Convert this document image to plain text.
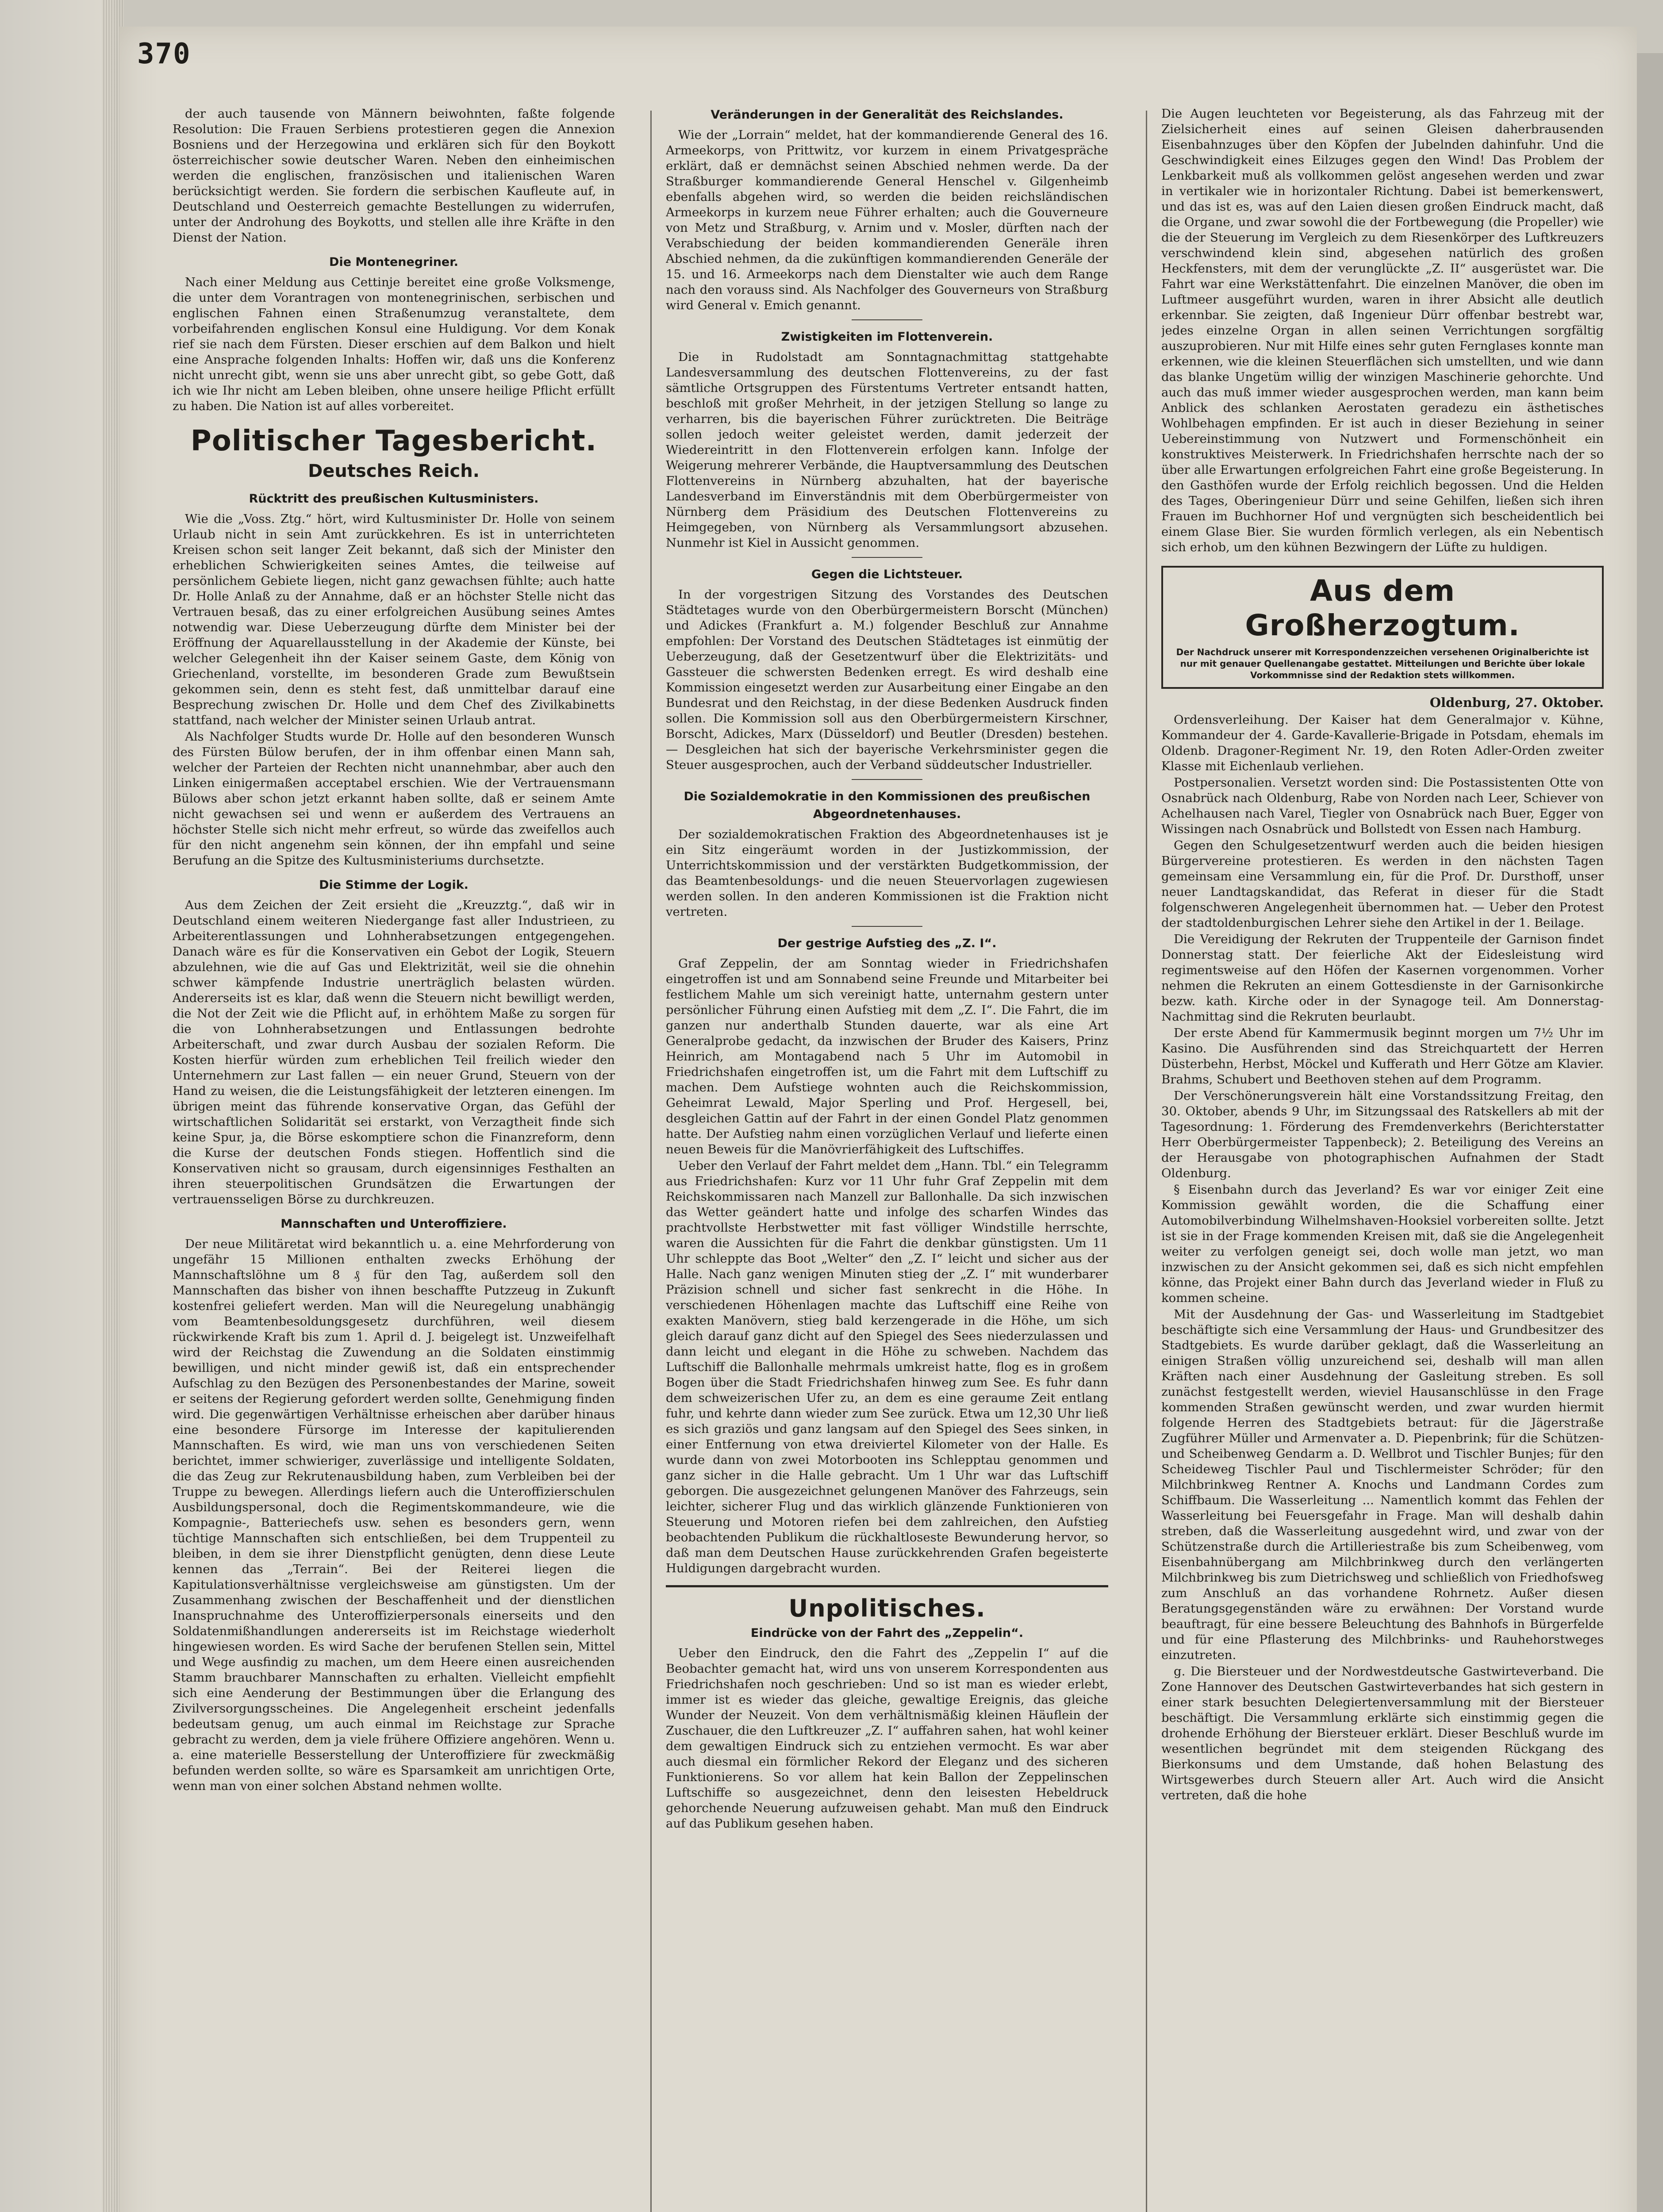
370

der auch tausende von Männern beiwohnten, faßte folgende Resolution: Die Frauen Serbiens protestieren gegen die Annexion Bosniens und der Herzegowina und erklären sich für den Boykott österreichischer sowie deutscher Waren. Neben den einheimischen werden die englischen, französischen und italienischen Waren berücksichtigt werden. Sie fordern die serbischen Kaufleute auf, in Deutschland und Oesterreich gemachte Bestellungen zu widerrufen, unter der Androhung des Boykotts, und stellen alle ihre Kräfte in den Dienst der Nation.

Die Montenegriner.

Nach einer Meldung aus Cettinje bereitet eine große Volksmenge, die unter dem Vorantragen von montenegrinischen, serbischen und englischen Fahnen einen Straßenumzug veranstaltete, dem vorbeifahrenden englischen Konsul eine Huldigung. Vor dem Konak rief sie nach dem Fürsten. Dieser erschien auf dem Balkon und hielt eine Ansprache folgenden Inhalts: Hoffen wir, daß uns die Konferenz nicht unrecht gibt, wenn sie uns aber unrecht gibt, so gebe Gott, daß ich wie Ihr nicht am Leben bleiben, ohne unsere heilige Pflicht erfüllt zu haben. Die Nation ist auf alles vorbereitet.

Politischer Tagesbericht.
Deutsches Reich.
Rücktritt des preußischen Kultusministers.

Wie die „Voss. Ztg.“ hört, wird Kultusminister Dr. Holle von seinem Urlaub nicht in sein Amt zurückkehren. Es ist in unterrichteten Kreisen schon seit langer Zeit bekannt, daß sich der Minister den erheblichen Schwierigkeiten seines Amtes, die teilweise auf persönlichem Gebiete liegen, nicht ganz gewachsen fühlte; auch hatte Dr. Holle Anlaß zu der Annahme, daß er an höchster Stelle nicht das Vertrauen besaß, das zu einer erfolgreichen Ausübung seines Amtes notwendig war. Diese Ueberzeugung dürfte dem Minister bei der Eröffnung der Aquarellausstellung in der Akademie der Künste, bei welcher Gelegenheit ihn der Kaiser seinem Gaste, dem König von Griechenland, vorstellte, im besonderen Grade zum Bewußtsein gekommen sein, denn es steht fest, daß unmittelbar darauf eine Besprechung zwischen Dr. Holle und dem Chef des Zivilkabinetts stattfand, nach welcher der Minister seinen Urlaub antrat.

Als Nachfolger Studts wurde Dr. Holle auf den besonderen Wunsch des Fürsten Bülow berufen, der in ihm offenbar einen Mann sah, welcher der Parteien der Rechten nicht unannehmbar, aber auch den Linken einigermaßen acceptabel erschien. Wie der Vertrauensmann Bülows aber schon jetzt erkannt haben sollte, daß er seinem Amte nicht gewachsen sei und wenn er außerdem des Vertrauens an höchster Stelle sich nicht mehr erfreut, so würde das zweifellos auch für den nicht angenehm sein können, der ihn empfahl und seine Berufung an die Spitze des Kultusministeriums durchsetzte.

Die Stimme der Logik.

Aus dem Zeichen der Zeit ersieht die „Kreuzztg.“, daß wir in Deutschland einem weiteren Niedergange fast aller Industrieen, zu Arbeiterentlassungen und Lohnherabsetzungen entgegengehen. Danach wäre es für die Konservativen ein Gebot der Logik, Steuern abzulehnen, wie die auf Gas und Elektrizität, weil sie die ohnehin schwer kämpfende Industrie unerträglich belasten würden. Andererseits ist es klar, daß wenn die Steuern nicht bewilligt werden, die Not der Zeit wie die Pflicht auf, in erhöhtem Maße zu sorgen für die von Lohnherabsetzungen und Entlassungen bedrohte Arbeiterschaft, und zwar durch Ausbau der sozialen Reform. Die Kosten hierfür würden zum erheblichen Teil freilich wieder den Unternehmern zur Last fallen — ein neuer Grund, Steuern von der Hand zu weisen, die die Leistungsfähigkeit der letzteren einengen. Im übrigen meint das führende konservative Organ, das Gefühl der wirtschaftlichen Solidarität sei erstarkt, von Verzagtheit finde sich keine Spur, ja, die Börse eskomptiere schon die Finanzreform, denn die Kurse der deutschen Fonds stiegen. Hoffentlich sind die Konservativen nicht so grausam, durch eigensinniges Festhalten an ihren steuerpolitischen Grundsätzen die Erwartungen der vertrauensseligen Börse zu durchkreuzen.

Mannschaften und Unteroffiziere.

Der neue Militäretat wird bekanntlich u. a. eine Mehrforderung von ungefähr 15 Millionen enthalten zwecks Erhöhung der Mannschaftslöhne um 8 ₰ für den Tag, außerdem soll den Mannschaften das bisher von ihnen beschaffte Putzzeug in Zukunft kostenfrei geliefert werden. Man will die Neuregelung unabhängig vom Beamtenbesoldungsgesetz durchführen, weil diesem rückwirkende Kraft bis zum 1. April d. J. beigelegt ist. Unzweifelhaft wird der Reichstag die Zuwendung an die Soldaten einstimmig bewilligen, und nicht minder gewiß ist, daß ein entsprechender Aufschlag zu den Bezügen des Personenbestandes der Marine, soweit er seitens der Regierung gefordert werden sollte, Genehmigung finden wird. Die gegenwärtigen Verhältnisse erheischen aber darüber hinaus eine besondere Fürsorge im Interesse der kapitulierenden Mannschaften. Es wird, wie man uns von verschiedenen Seiten berichtet, immer schwieriger, zuverlässige und intelligente Soldaten, die das Zeug zur Rekrutenausbildung haben, zum Verbleiben bei der Truppe zu bewegen. Allerdings liefern auch die Unteroffizierschulen Ausbildungspersonal, doch die Regimentskommandeure, wie die Kompagnie-, Batteriechefs usw. sehen es besonders gern, wenn tüchtige Mannschaften sich entschließen, bei dem Truppenteil zu bleiben, in dem sie ihrer Dienstpflicht genügten, denn diese Leute kennen das „Terrain“. Bei der Reiterei liegen die Kapitulationsverhältnisse vergleichsweise am günstigsten. Um der Zusammenhang zwischen der Beschaffenheit und der dienstlichen Inanspruchnahme des Unteroffizierpersonals einerseits und den Soldatenmißhandlungen andererseits ist im Reichstage wiederholt hingewiesen worden. Es wird Sache der berufenen Stellen sein, Mittel und Wege ausfindig zu machen, um dem Heere einen ausreichenden Stamm brauchbarer Mannschaften zu erhalten. Vielleicht empfiehlt sich eine Aenderung der Bestimmungen über die Erlangung des Zivilversorgungsscheines. Die Angelegenheit erscheint jedenfalls bedeutsam genug, um auch einmal im Reichstage zur Sprache gebracht zu werden, dem ja viele frühere Offiziere angehören. Wenn u. a. eine materielle Besserstellung der Unteroffiziere für zweckmäßig befunden werden sollte, so wäre es Sparsamkeit am unrichtigen Orte, wenn man von einer solchen Abstand nehmen wollte.

Veränderungen in der Generalität des Reichslandes.

Wie der „Lorrain“ meldet, hat der kommandierende General des 16. Armeekorps, von Prittwitz, vor kurzem in einem Privatgespräche erklärt, daß er demnächst seinen Abschied nehmen werde. Da der Straßburger kommandierende General Henschel v. Gilgenheimb ebenfalls abgehen wird, so werden die beiden reichsländischen Armeekorps in kurzem neue Führer erhalten; auch die Gouverneure von Metz und Straßburg, v. Arnim und v. Mosler, dürften nach der Verabschiedung der beiden kommandierenden Generäle ihren Abschied nehmen, da die zukünftigen kommandierenden Generäle der 15. und 16. Armeekorps nach dem Dienstalter wie auch dem Range nach den vorauss sind. Als Nachfolger des Gouverneurs von Straßburg wird General v. Emich genannt.

Zwistigkeiten im Flottenverein.

Die in Rudolstadt am Sonntagnachmittag stattgehabte Landesversammlung des deutschen Flottenvereins, zu der fast sämtliche Ortsgruppen des Fürstentums Vertreter entsandt hatten, beschloß mit großer Mehrheit, in der jetzigen Stellung so lange zu verharren, bis die bayerischen Führer zurücktreten. Die Beiträge sollen jedoch weiter geleistet werden, damit jederzeit der Wiedereintritt in den Flottenverein erfolgen kann. Infolge der Weigerung mehrerer Verbände, die Hauptversammlung des Deutschen Flottenvereins in Nürnberg abzuhalten, hat der bayerische Landesverband im Einverständnis mit dem Oberbürgermeister von Nürnberg dem Präsidium des Deutschen Flottenvereins zu Heimgegeben, von Nürnberg als Versammlungsort abzusehen. Nunmehr ist Kiel in Aussicht genommen.

Gegen die Lichtsteuer.

In der vorgestrigen Sitzung des Vorstandes des Deutschen Städtetages wurde von den Oberbürgermeistern Borscht (München) und Adickes (Frankfurt a. M.) folgender Beschluß zur Annahme empfohlen: Der Vorstand des Deutschen Städtetages ist einmütig der Ueberzeugung, daß der Gesetzentwurf über die Elektrizitäts- und Gassteuer die schwersten Bedenken erregt. Es wird deshalb eine Kommission eingesetzt werden zur Ausarbeitung einer Eingabe an den Bundesrat und den Reichstag, in der diese Bedenken Ausdruck finden sollen. Die Kommission soll aus den Oberbürgermeistern Kirschner, Borscht, Adickes, Marx (Düsseldorf) und Beutler (Dresden) bestehen. — Desgleichen hat sich der bayerische Verkehrsminister gegen die Steuer ausgesprochen, auch der Verband süddeutscher Industrieller.

Die Sozialdemokratie in den Kommissionen des preußischen Abgeordnetenhauses.

Der sozialdemokratischen Fraktion des Abgeordnetenhauses ist je ein Sitz eingeräumt worden in der Justizkommission, der Unterrichtskommission und der verstärkten Budgetkommission, der das Beamtenbesoldungs- und die neuen Steuervorlagen zugewiesen werden sollen. In den anderen Kommissionen ist die Fraktion nicht vertreten.

Der gestrige Aufstieg des „Z. I“.

Graf Zeppelin, der am Sonntag wieder in Friedrichshafen eingetroffen ist und am Sonnabend seine Freunde und Mitarbeiter bei festlichem Mahle um sich vereinigt hatte, unternahm gestern unter persönlicher Führung einen Aufstieg mit dem „Z. I“. Die Fahrt, die im ganzen nur anderthalb Stunden dauerte, war als eine Art Generalprobe gedacht, da inzwischen der Bruder des Kaisers, Prinz Heinrich, am Montagabend nach 5 Uhr im Automobil in Friedrichshafen eingetroffen ist, um die Fahrt mit dem Luftschiff zu machen. Dem Aufstiege wohnten auch die Reichskommission, Geheimrat Lewald, Major Sperling und Prof. Hergesell, bei, desgleichen Gattin auf der Fahrt in der einen Gondel Platz genommen hatte. Der Aufstieg nahm einen vorzüglichen Verlauf und lieferte einen neuen Beweis für die Manövrierfähigkeit des Luftschiffes.

Ueber den Verlauf der Fahrt meldet dem „Hann. Tbl.“ ein Telegramm aus Friedrichshafen: Kurz vor 11 Uhr fuhr Graf Zeppelin mit dem Reichskommissaren nach Manzell zur Ballonhalle. Da sich inzwischen das Wetter geändert hatte und infolge des scharfen Windes das prachtvollste Herbstwetter mit fast völliger Windstille herrschte, waren die Aussichten für die Fahrt die denkbar günstigsten. Um 11 Uhr schleppte das Boot „Welter“ den „Z. I“ leicht und sicher aus der Halle. Nach ganz wenigen Minuten stieg der „Z. I“ mit wunderbarer Präzision schnell und sicher fast senkrecht in die Höhe. In verschiedenen Höhenlagen machte das Luftschiff eine Reihe von exakten Manövern, stieg bald kerzengerade in die Höhe, um sich gleich darauf ganz dicht auf den Spiegel des Sees niederzulassen und dann leicht und elegant in die Höhe zu schweben. Nachdem das Luftschiff die Ballonhalle mehrmals umkreist hatte, flog es in großem Bogen über die Stadt Friedrichshafen hinweg zum See. Es fuhr dann dem schweizerischen Ufer zu, an dem es eine geraume Zeit entlang fuhr, und kehrte dann wieder zum See zurück. Etwa um 12,30 Uhr ließ es sich graziös und ganz langsam auf den Spiegel des Sees sinken, in einer Entfernung von etwa dreiviertel Kilometer von der Halle. Es wurde dann von zwei Motorbooten ins Schlepptau genommen und ganz sicher in die Halle gebracht. Um 1 Uhr war das Luftschiff geborgen. Die ausgezeichnet gelungenen Manöver des Fahrzeugs, sein leichter, sicherer Flug und das wirklich glänzende Funktionieren von Steuerung und Motoren riefen bei dem zahlreichen, den Aufstieg beobachtenden Publikum die rückhaltloseste Bewunderung hervor, so daß man dem Deutschen Hause zurückkehrenden Grafen begeisterte Huldigungen dargebracht wurden.

Unpolitisches.
Eindrücke von der Fahrt des „Zeppelin“.

Ueber den Eindruck, den die Fahrt des „Zeppelin I“ auf die Beobachter gemacht hat, wird uns von unserem Korrespondenten aus Friedrichshafen noch geschrieben: Und so ist man es wieder erlebt, immer ist es wieder das gleiche, gewaltige Ereignis, das gleiche Wunder der Neuzeit. Von dem verhältnismäßig kleinen Häuflein der Zuschauer, die den Luftkreuzer „Z. I“ auffahren sahen, hat wohl keiner dem gewaltigen Eindruck sich zu entziehen vermocht. Es war aber auch diesmal ein förmlicher Rekord der Eleganz und des sicheren Funktionierens. So vor allem hat kein Ballon der Zeppelinschen Luftschiffe so ausgezeichnet, denn den leisesten Hebeldruck gehorchende Neuerung aufzuweisen gehabt. Man muß den Eindruck auf das Publikum gesehen haben.

Die Augen leuchteten vor Begeisterung, als das Fahrzeug mit der Zielsicherheit eines auf seinen Gleisen daherbrausenden Eisenbahnzuges über den Köpfen der Jubelnden dahinfuhr. Und die Geschwindigkeit eines Eilzuges gegen den Wind! Das Problem der Lenkbarkeit muß als vollkommen gelöst angesehen werden und zwar in vertikaler wie in horizontaler Richtung. Dabei ist bemerkenswert, und das ist es, was auf den Laien diesen großen Eindruck macht, daß die Organe, und zwar sowohl die der Fortbewegung (die Propeller) wie die der Steuerung im Vergleich zu dem Riesenkörper des Luftkreuzers verschwindend klein sind, abgesehen natürlich des großen Heckfensters, mit dem der verunglückte „Z. II“ ausgerüstet war. Die Fahrt war eine Werkstättenfahrt. Die einzelnen Manöver, die oben im Luftmeer ausgeführt wurden, waren in ihrer Absicht alle deutlich erkennbar. Sie zeigten, daß Ingenieur Dürr offenbar bestrebt war, jedes einzelne Organ in allen seinen Verrichtungen sorgfältig auszuprobieren. Nur mit Hilfe eines sehr guten Fernglases konnte man erkennen, wie die kleinen Steuerflächen sich umstellten, und wie dann das blanke Ungetüm willig der winzigen Maschinerie gehorchte. Und auch das muß immer wieder ausgesprochen werden, man kann beim Anblick des schlanken Aerostaten geradezu ein ästhetisches Wohlbehagen empfinden. Er ist auch in dieser Beziehung in seiner Uebereinstimmung von Nutzwert und Formenschönheit ein konstruktives Meisterwerk. In Friedrichshafen herrschte nach der so über alle Erwartungen erfolgreichen Fahrt eine große Begeisterung. In den Gasthöfen wurde der Erfolg reichlich begossen. Und die Helden des Tages, Oberingenieur Dürr und seine Gehilfen, ließen sich ihren Frauen im Buchhorner Hof und vergnügten sich bescheidentlich bei einem Glase Bier. Sie wurden förmlich verlegen, als ein Nebentisch sich erhob, um den kühnen Bezwingern der Lüfte zu huldigen.

Aus dem Großherzogtum.
Der Nachdruck unserer mit Korrespondenzzeichen versehenen Originalberichte ist nur mit genauer Quellenangabe gestattet. Mitteilungen und Berichte über lokale Vorkommnisse sind der Redaktion stets willkommen.
Oldenburg, 27. Oktober.

Ordensverleihung. Der Kaiser hat dem Generalmajor v. Kühne, Kommandeur der 4. Garde-Kavallerie-Brigade in Potsdam, ehemals im Oldenb. Dragoner-Regiment Nr. 19, den Roten Adler-Orden zweiter Klasse mit Eichenlaub verliehen.

Postpersonalien. Versetzt worden sind: Die Postassistenten Otte von Osnabrück nach Oldenburg, Rabe von Norden nach Leer, Schiever von Achelhausen nach Varel, Tiegler von Osnabrück nach Buer, Egger von Wissingen nach Osnabrück und Bollstedt von Essen nach Hamburg.

Gegen den Schulgesetzentwurf werden auch die beiden hiesigen Bürgervereine protestieren. Es werden in den nächsten Tagen gemeinsam eine Versammlung ein, für die Prof. Dr. Dursthoff, unser neuer Landtagskandidat, das Referat in dieser für die Stadt folgenschweren Angelegenheit übernommen hat. — Ueber den Protest der stadtoldenburgischen Lehrer siehe den Artikel in der 1. Beilage.

Die Vereidigung der Rekruten der Truppenteile der Garnison findet Donnerstag statt. Der feierliche Akt der Eidesleistung wird regimentsweise auf den Höfen der Kasernen vorgenommen. Vorher nehmen die Rekruten an einem Gottesdienste in der Garnisonkirche bezw. kath. Kirche oder in der Synagoge teil. Am Donnerstag-Nachmittag sind die Rekruten beurlaubt.

Der erste Abend für Kammermusik beginnt morgen um 7½ Uhr im Kasino. Die Ausführenden sind das Streichquartett der Herren Düsterbehn, Herbst, Möckel und Kufferath und Herr Götze am Klavier. Brahms, Schubert und Beethoven stehen auf dem Programm.

Der Verschönerungsverein hält eine Vorstandssitzung Freitag, den 30. Oktober, abends 9 Uhr, im Sitzungssaal des Ratskellers ab mit der Tagesordnung: 1. Förderung des Fremdenverkehrs (Berichterstatter Herr Oberbürgermeister Tappenbeck); 2. Beteiligung des Vereins an der Herausgabe von photographischen Aufnahmen der Stadt Oldenburg.

§ Eisenbahn durch das Jeverland? Es war vor einiger Zeit eine Kommission gewählt worden, die die Schaffung einer Automobilverbindung Wilhelmshaven-Hooksiel vorbereiten sollte. Jetzt ist sie in der Frage kommenden Kreisen mit, daß sie die Angelegenheit weiter zu verfolgen geneigt sei, doch wolle man jetzt, wo man inzwischen zu der Ansicht gekommen sei, daß es sich nicht empfehlen könne, das Projekt einer Bahn durch das Jeverland wieder in Fluß zu kommen scheine.

Mit der Ausdehnung der Gas- und Wasserleitung im Stadtgebiet beschäftigte sich eine Versammlung der Haus- und Grundbesitzer des Stadtgebiets. Es wurde darüber geklagt, daß die Wasserleitung an einigen Straßen völlig unzureichend sei, deshalb will man allen Kräften nach einer Ausdehnung der Gasleitung streben. Es soll zunächst festgestellt werden, wieviel Hausanschlüsse in den Frage kommenden Straßen gewünscht werden, und zwar wurden hiermit folgende Herren des Stadtgebiets betraut: für die Jägerstraße Zugführer Müller und Armenvater a. D. Piepenbrink; für die Schützen- und Scheibenweg Gendarm a. D. Wellbrot und Tischler Bunjes; für den Scheideweg Tischler Paul und Tischlermeister Schröder; für den Milchbrinkweg Rentner A. Knochs und Landmann Cordes zum Schiffbaum. Die Wasserleitung ... Namentlich kommt das Fehlen der Wasserleitung bei Feuersgefahr in Frage. Man will deshalb dahin streben, daß die Wasserleitung ausgedehnt wird, und zwar von der Schützenstraße durch die Artilleriestraße bis zum Scheibenweg, vom Eisenbahnübergang am Milchbrinkweg durch den verlängerten Milchbrinkweg bis zum Dietrichsweg und schließlich von Friedhofsweg zum Anschluß an das vorhandene Rohrnetz. Außer diesen Beratungsgegenständen wäre zu erwähnen: Der Vorstand wurde beauftragt, für eine bessere Beleuchtung des Bahnhofs in Bürgerfelde und für eine Pflasterung des Milchbrinks- und Rauhehorstweges einzutreten.

g. Die Biersteuer und der Nordwestdeutsche Gastwirteverband. Die Zone Hannover des Deutschen Gastwirteverbandes hat sich gestern in einer stark besuchten Delegiertenversammlung mit der Biersteuer beschäftigt. Die Versammlung erklärte sich einstimmig gegen die drohende Erhöhung der Biersteuer erklärt. Dieser Beschluß wurde im wesentlichen begründet mit dem steigenden Rückgang des Bierkonsums und dem Umstande, daß hohen Belastung des Wirtsgewerbes durch Steuern aller Art. Auch wird die Ansicht vertreten, daß die hohe
